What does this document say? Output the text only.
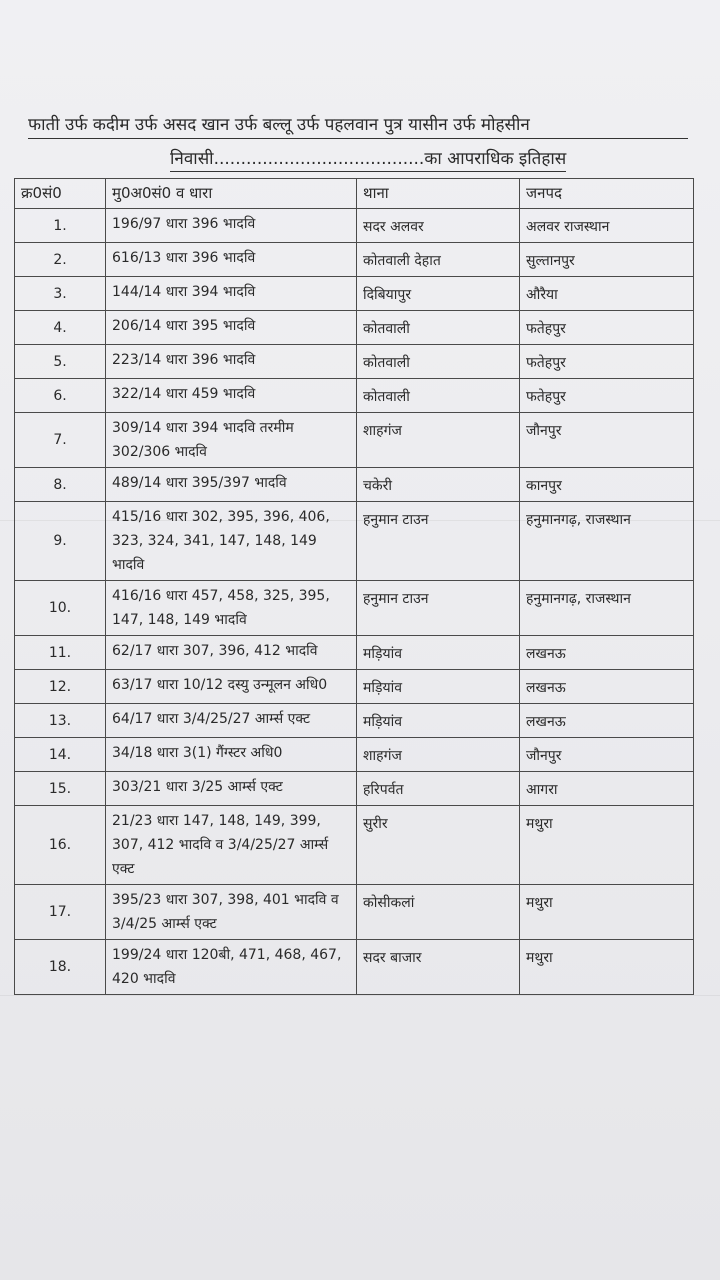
फाती उर्फ कदीम उर्फ असद खान उर्फ बल्लू उर्फ पहलवान पुत्र यासीन उर्फ मोहसीन
निवासी.......................................का आपराधिक इतिहास
क्र0सं0	मु0अ0सं0 व धारा	थाना	जनपद
1.	196/97 धारा 396 भादवि	सदर अलवर	अलवर राजस्थान
2.	616/13 धारा 396 भादवि	कोतवाली देहात	सुल्तानपुर
3.	144/14 धारा 394 भादवि	दिबियापुर	औरैया
4.	206/14 धारा 395 भादवि	कोतवाली	फतेहपुर
5.	223/14 धारा 396 भादवि	कोतवाली	फतेहपुर
6.	322/14 धारा 459 भादवि	कोतवाली	फतेहपुर
7.	309/14 धारा 394 भादवि तरमीम 302/306 भादवि	शाहगंज	जौनपुर
8.	489/14 धारा 395/397 भादवि	चकेरी	कानपुर
9.	415/16 धारा 302, 395, 396, 406, 323, 324, 341, 147, 148, 149 भादवि	हनुमान टाउन	हनुमानगढ़, राजस्थान
10.	416/16 धारा 457, 458, 325, 395, 147, 148, 149 भादवि	हनुमान टाउन	हनुमानगढ़, राजस्थान
11.	62/17 धारा 307, 396, 412 भादवि	मड़ियांव	लखनऊ
12.	63/17 धारा 10/12 दस्यु उन्मूलन अधि0	मड़ियांव	लखनऊ
13.	64/17 धारा 3/4/25/27 आर्म्स एक्ट	मड़ियांव	लखनऊ
14.	34/18 धारा 3(1) गैंग्स्टर अधि0	शाहगंज	जौनपुर
15.	303/21 धारा 3/25 आर्म्स एक्ट	हरिपर्वत	आगरा
16.	21/23 धारा 147, 148, 149, 399, 307, 412 भादवि व 3/4/25/27 आर्म्स एक्ट	सुरीर	मथुरा
17.	395/23 धारा 307, 398, 401 भादवि व 3/4/25 आर्म्स एक्ट	कोसीकलां	मथुरा
18.	199/24 धारा 120बी, 471, 468, 467, 420 भादवि	सदर बाजार	मथुरा
